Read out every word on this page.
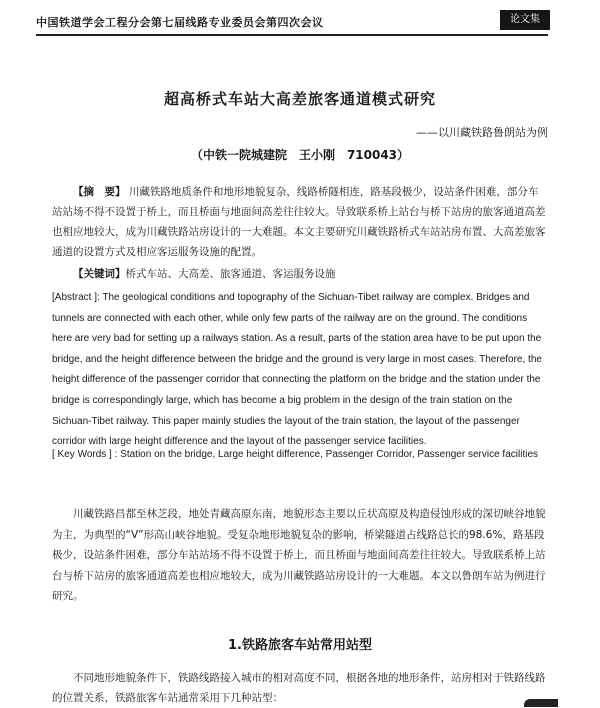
中国铁道学会工程分会第七届线路专业委员会第四次会议	论文集
超高桥式车站大高差旅客通道模式研究
——以川藏铁路鲁朗站为例
（中铁一院城建院　王小刚　710043）

【摘　要】 川藏铁路地质条件和地形地貌复杂，线路桥隧相连，路基段极少，设站条件困难，部分车站站场不得不设置于桥上，而且桥面与地面间高差往往较大。导致联系桥上站台与桥下站房的旅客通道高差也相应地较大，成为川藏铁路站房设计的一大难题。本文主要研究川藏铁路桥式车站站房布置、大高差旅客通道的设置方式及相应客运服务设施的配置。

【关键词】桥式车站、大高差、旅客通道、客运服务设施

[Abstract ]: The geological conditions and topography of the Sichuan-Tibet railway are complex. Bridges and tunnels are connected with each other, while only few parts of the railway are on the ground. The conditions here are very bad for setting up a railways station. As a result, parts of the station area have to be put upon the bridge, and the height difference between the bridge and the ground is very large in most cases. Therefore, the height difference of the passenger corridor that connecting the platform on the bridge and the station under the bridge is correspondingly large, which has become a big problem in the design of the train station on the Sichuan-Tibet railway. This paper mainly studies the layout of the train station, the layout of the passenger corridor with large height difference and the layout of the passenger service facilities.

[ Key Words ] : Station on the bridge, Large height difference, Passenger Corridor, Passenger service facilities

川藏铁路昌都至林芝段，地处青藏高原东南，地貌形态主要以丘状高原及构造侵蚀形成的深切峡谷地貌为主，为典型的“V”形高山峡谷地貌。受复杂地形地貌复杂的影响，桥梁隧道占线路总长的98.6%，路基段极少，设站条件困难，部分车站站场不得不设置于桥上，而且桥面与地面间高差往往较大。导致联系桥上站台与桥下站房的旅客通道高差也相应地较大，成为川藏铁路站房设计的一大难题。本文以鲁朗车站为例进行研究。

1.铁路旅客车站常用站型

不同地形地貌条件下，铁路线路接入城市的相对高度不同，根据各地的地形条件，站房相对于铁路线路的位置关系，铁路旅客车站通常采用下几种站型：
